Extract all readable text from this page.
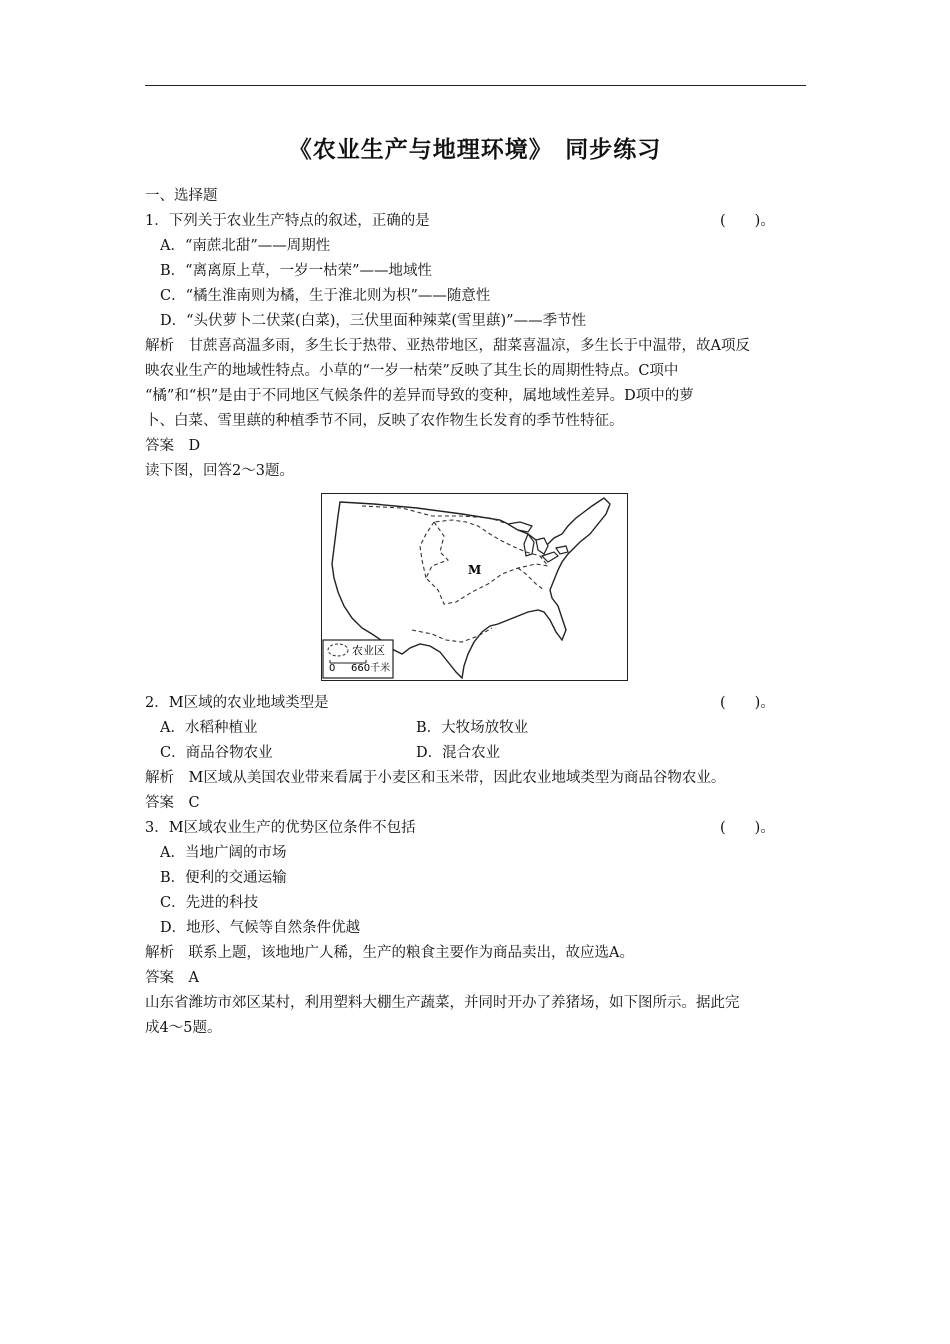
《农业生产与地理环境》　同步练习
一、选择题
1．下列关于农业生产特点的叙述，正确的是	(　　)。
A．“南蔗北甜”——周期性
B．“离离原上草，一岁一枯荣”——地域性
C．“橘生淮南则为橘，生于淮北则为枳”——随意性
D．“头伏萝卜二伏菜(白菜)，三伏里面种辣菜(雪里蕻)”——季节性
解析　甘蔗喜高温多雨，多生长于热带、亚热带地区，甜菜喜温凉，多生长于中温带，故A项反
映农业生产的地域性特点。小草的“一岁一枯荣”反映了其生长的周期性特点。C项中
“橘”和“枳”是由于不同地区气候条件的差异而导致的变种，属地域性差异。D项中的萝
卜、白菜、雪里蕻的种植季节不同，反映了农作物生长发育的季节性特征。
答案　D
读下图，回答2～3题。
M
农业区
0 660千米
2．M区域的农业地域类型是	(　　)。
A．水稻种植业	B．大牧场放牧业
C．商品谷物农业	D．混合农业
解析　M区域从美国农业带来看属于小麦区和玉米带，因此农业地域类型为商品谷物农业。
答案　C
3．M区域农业生产的优势区位条件不包括	(　　)。
A．当地广阔的市场
B．便利的交通运输
C．先进的科技
D．地形、气候等自然条件优越
解析　联系上题，该地地广人稀，生产的粮食主要作为商品卖出，故应选A。
答案　A
山东省潍坊市郊区某村，利用塑料大棚生产蔬菜，并同时开办了养猪场，如下图所示。据此完
成4～5题。
